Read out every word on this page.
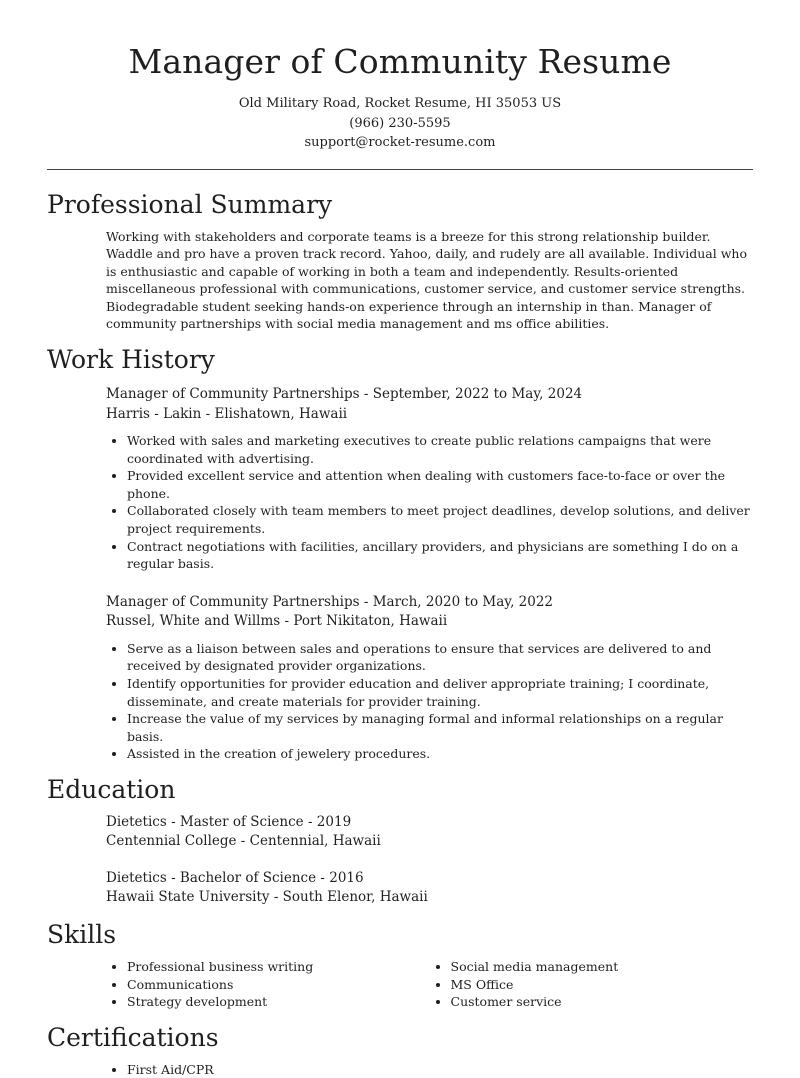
Manager of Community Resume
Old Military Road, Rocket Resume, HI 35053 US
(966) 230-5595
support@rocket-resume.com
Professional Summary
Working with stakeholders and corporate teams is a breeze for this strong relationship builder. Waddle and pro have a proven track record. Yahoo, daily, and rudely are all available. Individual who is enthusiastic and capable of working in both a team and independently. Results-oriented miscellaneous professional with communications, customer service, and customer service strengths. Biodegradable student seeking hands-on experience through an internship in than. Manager of community partnerships with social media management and ms office abilities.
Work History
Manager of Community Partnerships - September, 2022 to May, 2024
Harris - Lakin - Elishatown, Hawaii
• Worked with sales and marketing executives to create public relations campaigns that were coordinated with advertising.
• Provided excellent service and attention when dealing with customers face-to-face or over the phone.
• Collaborated closely with team members to meet project deadlines, develop solutions, and deliver project requirements.
• Contract negotiations with facilities, ancillary providers, and physicians are something I do on a regular basis.
Manager of Community Partnerships - March, 2020 to May, 2022
Russel, White and Willms - Port Nikitaton, Hawaii
• Serve as a liaison between sales and operations to ensure that services are delivered to and received by designated provider organizations.
• Identify opportunities for provider education and deliver appropriate training; I coordinate, disseminate, and create materials for provider training.
• Increase the value of my services by managing formal and informal relationships on a regular basis.
• Assisted in the creation of jewelery procedures.
Education
Dietetics - Master of Science - 2019
Centennial College - Centennial, Hawaii
Dietetics - Bachelor of Science - 2016
Hawaii State University - South Elenor, Hawaii
Skills
• Professional business writing
• Communications
• Strategy development
• Social media management
• MS Office
• Customer service
Certifications
• First Aid/CPR
